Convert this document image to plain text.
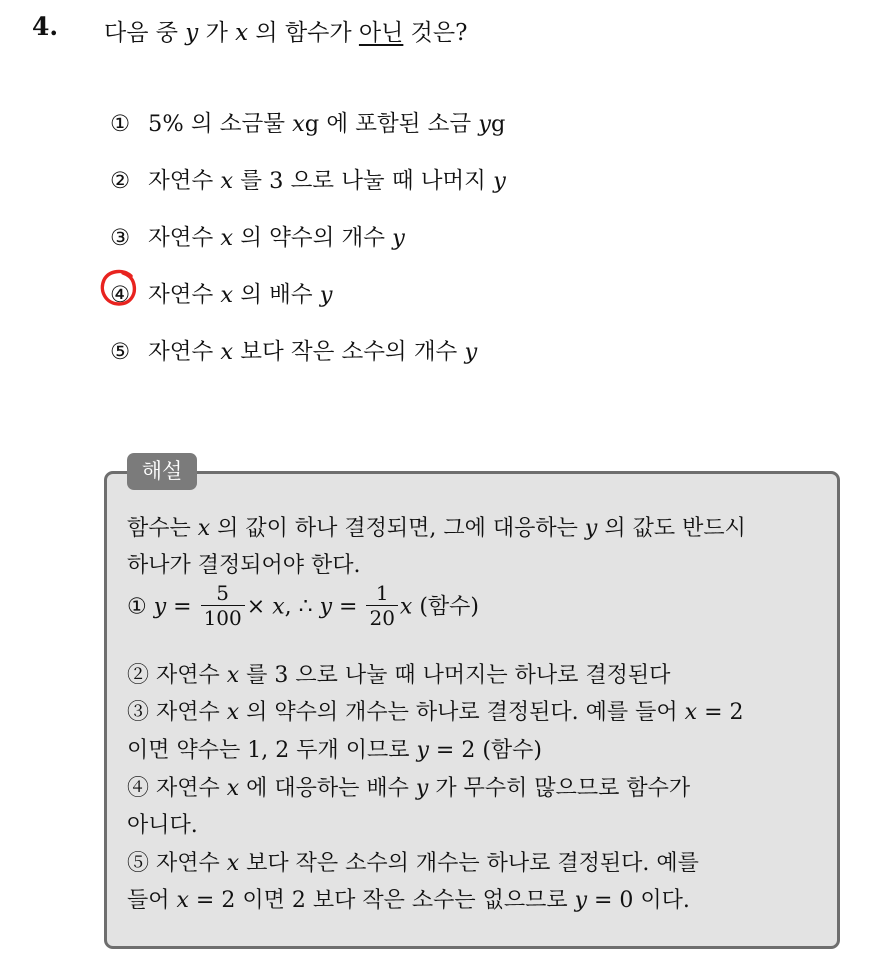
4. 다음 중 y 가 x 의 함수가 아닌 것은?
① 5% 의 소금물 xg 에 포함된 소금 yg
② 자연수 x 를 3 으로 나눌 때 나머지 y
③ 자연수 x 의 약수의 개수 y
④ 자연수 x 의 배수 y
⑤ 자연수 x 보다 작은 소수의 개수 y
해설
함수는 x 의 값이 하나 결정되면, 그에 대응하는 y 의 값도 반드시
하나가 결정되어야 한다.
① $y = \frac{5}{100} \times x$, ∴ $y = \frac{1}{20}$ x (함수)
② 자연수 x 를 3 으로 나눌 때 나머지는 하나로 결정된다
③ 자연수 x 의 약수의 개수는 하나로 결정된다. 예를 들어 x = 2
이면 약수는 1, 2 두개 이므로 y = 2 (함수)
④ 자연수 x 에 대응하는 배수 y 가 무수히 많으므로 함수가
아니다.
⑤ 자연수 x 보다 작은 소수의 개수는 하나로 결정된다. 예를
들어 x = 2 이면 2 보다 작은 소수는 없으므로 y = 0 이다.
